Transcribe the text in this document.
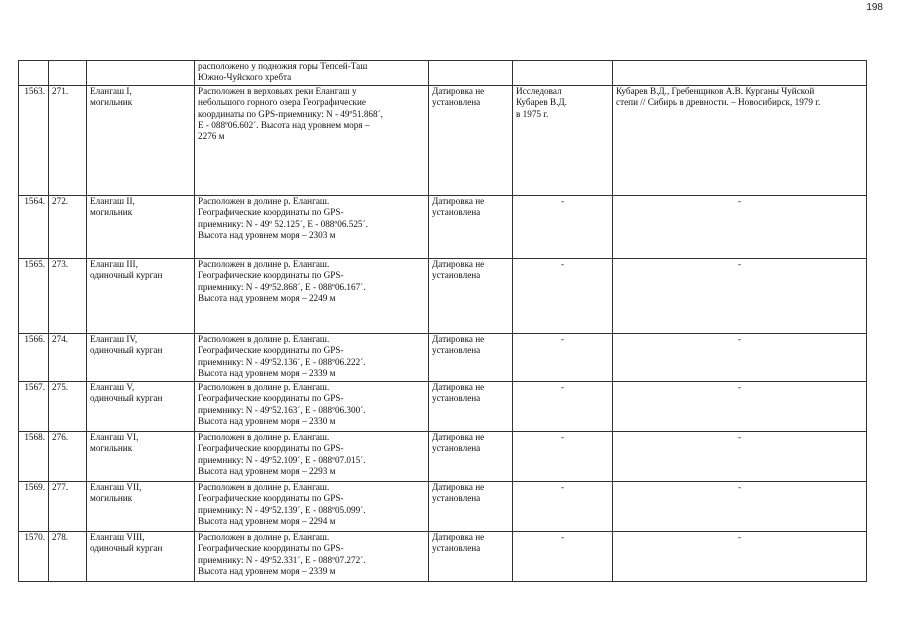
198

			расположено у подножия горы Тепсей-Таш
Южно-Чуйского хребта			

1563.	271.	Елангаш I,
могильник	Расположен в верховьях реки Елангаш у
небольшого горного озера Географические
координаты по GPS-приемнику: N - 49º51.868´,
E - 088º06.602´. Высота над уровнем моря –
2276 м	Датировка не
установлена	Исследовал
Кубарев В.Д.
в 1975 г.	Кубарев В.Д., Гребенщиков А.В. Курганы Чуйской
степи // Сибирь в древности. – Новосибирск, 1979 г.

1564.	272.	Елангаш II,
могильник	Расположен в долине р. Елангаш.
Географические координаты по GPS-
приемнику: N - 49º 52.125´, E - 088º06.525´.
Высота над уровнем моря – 2303 м	Датировка не
установлена	-	-
1565.	273.	Елангаш III,
одиночный курган	Расположен в долине р. Елангаш.
Географические координаты по GPS-
приемнику: N - 49º52.868´, E - 088º06.167´.
Высота над уровнем моря – 2249 м	Датировка не
установлена	-	-
1566.	274.	Елангаш IV,
одиночный курган	Расположен в долине р. Елангаш.
Географические координаты по GPS-
приемнику: N - 49º52.136´, E - 088º06.222´.
Высота над уровнем моря – 2339 м	Датировка не
установлена	-	-
1567.	275.	Елангаш V,
одиночный курган	Расположен в долине р. Елангаш.
Географические координаты по GPS-
приемнику: N - 49º52.163´, E - 088º06.300´.
Высота над уровнем моря – 2330 м	Датировка не
установлена	-	-
1568.	276.	Елангаш VI,
могильник	Расположен в долине р. Елангаш.
Географические координаты по GPS-
приемнику: N - 49º52.109´, E - 088º07.015´.
Высота над уровнем моря – 2293 м	Датировка не
установлена	-	-
1569.	277.	Елангаш VII,
могильник	Расположен в долине р. Елангаш.
Географические координаты по GPS-
приемнику: N - 49º52.139´, E - 088º05.099´.
Высота над уровнем моря – 2294 м	Датировка не
установлена	-	-
1570.	278.	Елангаш VIII,
одиночный курган	Расположен в долине р. Елангаш.
Географические координаты по GPS-
приемнику: N - 49º52.331´, E - 088º07.272´.
Высота над уровнем моря – 2339 м	Датировка не
установлена	-	-
